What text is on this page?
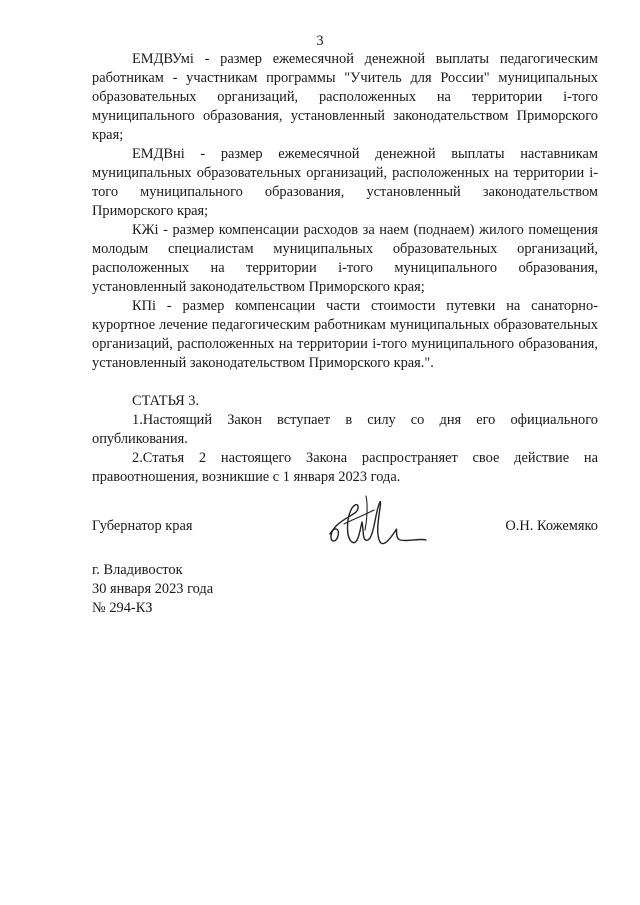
3

ЕМДВУмі - размер ежемесячной денежной выплаты педагогическим работникам - участникам программы "Учитель для России" муниципальных образовательных организаций, расположенных на территории і-того муниципального образования, установленный законодательством Приморского края;

ЕМДВні - размер ежемесячной денежной выплаты наставникам муниципальных образовательных организаций, расположенных на территории і-того муниципального образования, установленный законодательством Приморского края;

КЖі - размер компенсации расходов за наем (поднаем) жилого помещения молодым специалистам муниципальных образовательных организаций, расположенных на территории і-того муниципального образования, установленный законодательством Приморского края;

КПі - размер компенсации части стоимости путевки на санаторно-курортное лечение педагогическим работникам муниципальных образовательных организаций, расположенных на территории і-того муниципального образования, установленный законодательством Приморского края.".

СТАТЬЯ 3.

1.Настоящий Закон вступает в силу со дня его официального опубликования.

2.Статья 2 настоящего Закона распространяет свое действие на правоотношения, возникшие с 1 января 2023 года.

Губернатор края	О.Н. Кожемяко
г. Владивосток
30 января 2023 года
№ 294-КЗ
